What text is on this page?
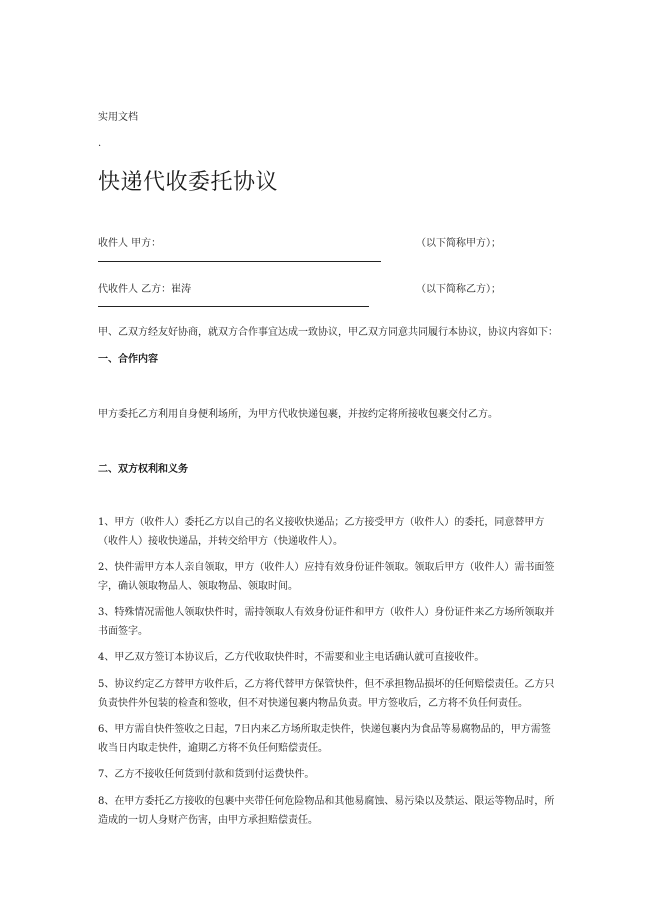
实用文档
.
快递代收委托协议
收件人 甲方：	（以下简称甲方）；
代收件人 乙方：崔涛	（以下简称乙方）；
甲、乙双方经友好协商，就双方合作事宜达成一致协议，甲乙双方同意共同履行本协议，协议内容如下：
一、合作内容
甲方委托乙方利用自身便利场所，为甲方代收快递包裹，并按约定将所接收包裹交付乙方。
二、双方权利和义务
1、甲方（收件人）委托乙方以自己的名义接收快递品；乙方接受甲方（收件人）的委托，同意替甲方（收件人）接收快递品，并转交给甲方（快递收件人）。
2、快件需甲方本人亲自领取，甲方（收件人）应持有效身份证件领取。领取后甲方（收件人）需书面签字，确认领取物品人、领取物品、领取时间。
3、特殊情况需他人领取快件时，需持领取人有效身份证件和甲方（收件人）身份证件来乙方场所领取并书面签字。
4、甲乙双方签订本协议后，乙方代收取快件时，不需要和业主电话确认就可直接收件。
5、协议约定乙方替甲方收件后，乙方将代替甲方保管快件，但不承担物品损坏的任何赔偿责任。乙方只负责快件外包装的检查和签收，但不对快递包裹内物品负责。甲方签收后，乙方将不负任何责任。
6、甲方需自快件签收之日起，7日内来乙方场所取走快件，快递包裹内为食品等易腐物品的，甲方需签收当日内取走快件，逾期乙方将不负任何赔偿责任。
7、乙方不接收任何货到付款和货到付运费快件。
8、在甲方委托乙方接收的包裹中夹带任何危险物品和其他易腐蚀、易污染以及禁运、限运等物品时，所造成的一切人身财产伤害，由甲方承担赔偿责任。
